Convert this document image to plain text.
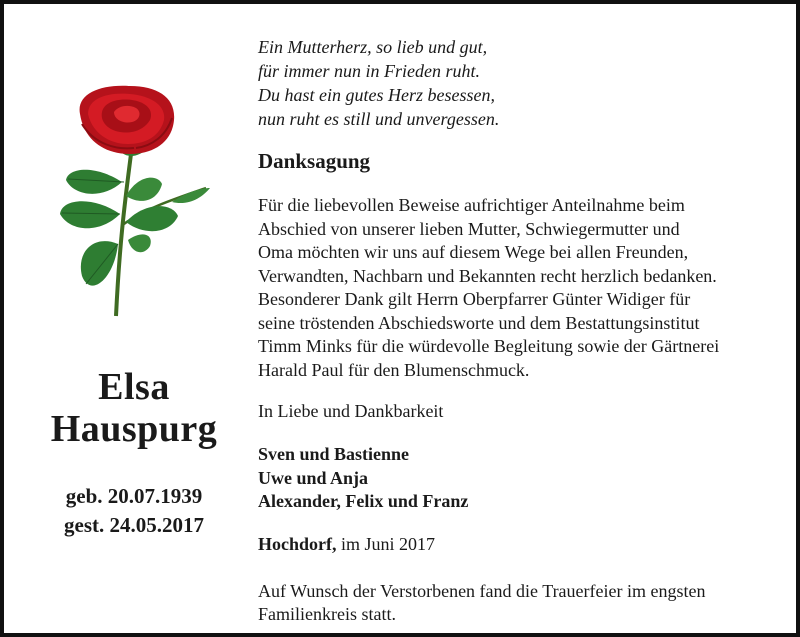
Elsa
Hauspurg
geb. 20.07.1939
gest. 24.05.2017
Ein Mutterherz, so lieb und gut,
für immer nun in Frieden ruht.
Du hast ein gutes Herz besessen,
nun ruht es still und unvergessen.
Danksagung
Für die liebevollen Beweise aufrichtiger Anteilnahme beim
Abschied von unserer lieben Mutter, Schwiegermutter und
Oma möchten wir uns auf diesem Wege bei allen Freunden,
Verwandten, Nachbarn und Bekannten recht herzlich bedanken.
Besonderer Dank gilt Herrn Oberpfarrer Günter Widiger für
seine tröstenden Abschiedsworte und dem Bestattungsinstitut
Timm Minks für die würdevolle Begleitung sowie der Gärtnerei
Harald Paul für den Blumenschmuck.
In Liebe und Dankbarkeit
Sven und Bastienne
Uwe und Anja
Alexander, Felix und Franz
Hochdorf, im Juni 2017
Auf Wunsch der Verstorbenen fand die Trauerfeier im engsten
Familienkreis statt.
